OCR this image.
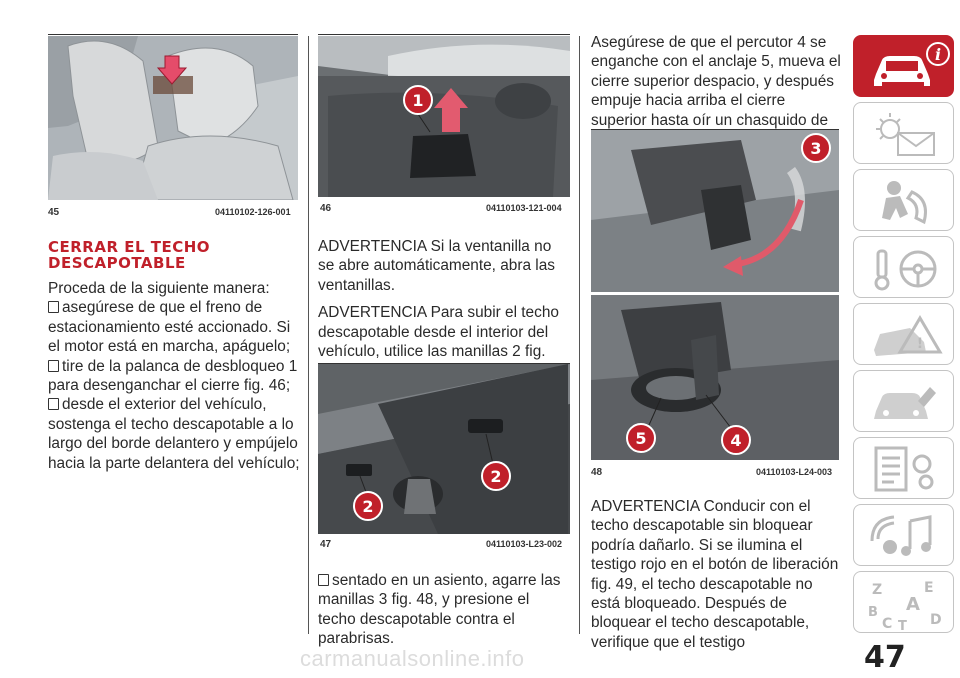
45	04110102-126-001
CERRAR EL TECHO DESCAPOTABLE

Proceda de la siguiente manera:

asegúrese de que el freno de estacionamiento esté accionado. Si el motor está en marcha, apáguelo;

tire de la palanca de desbloqueo 1 para desenganchar el cierre fig. 46;

desde el exterior del vehículo, sostenga el techo descapotable a lo largo del borde delantero y empújelo hacia la parte delantera del vehículo;

1
46	04110103-121-004

ADVERTENCIA Si la ventanilla no se abre automáticamente, abra las ventanillas.

ADVERTENCIA Para subir el techo descapotable desde el interior del vehículo, utilice las manillas 2 fig.

2
2
47	04110103-L23-002

sentado en un asiento, agarre las manillas 3 fig. 48, y presione el techo descapotable contra el parabrisas.

Asegúrese de que el percutor 4 se enganche con el anclaje 5, mueva el cierre superior despacio, y después empuje hacia arriba el cierre superior hasta oír un chasquido de

3
5	4
48	04110103-L24-003

ADVERTENCIA Conducir con el techo descapotable sin bloquear podría dañarlo. Si se ilumina el testigo rojo en el botón de liberación fig. 49, el techo descapotable no está bloqueado. Después de bloquear el techo descapotable, verifique que el testigo

i
!
Z	E
B A
C T D
carmanualsonline.info	47
